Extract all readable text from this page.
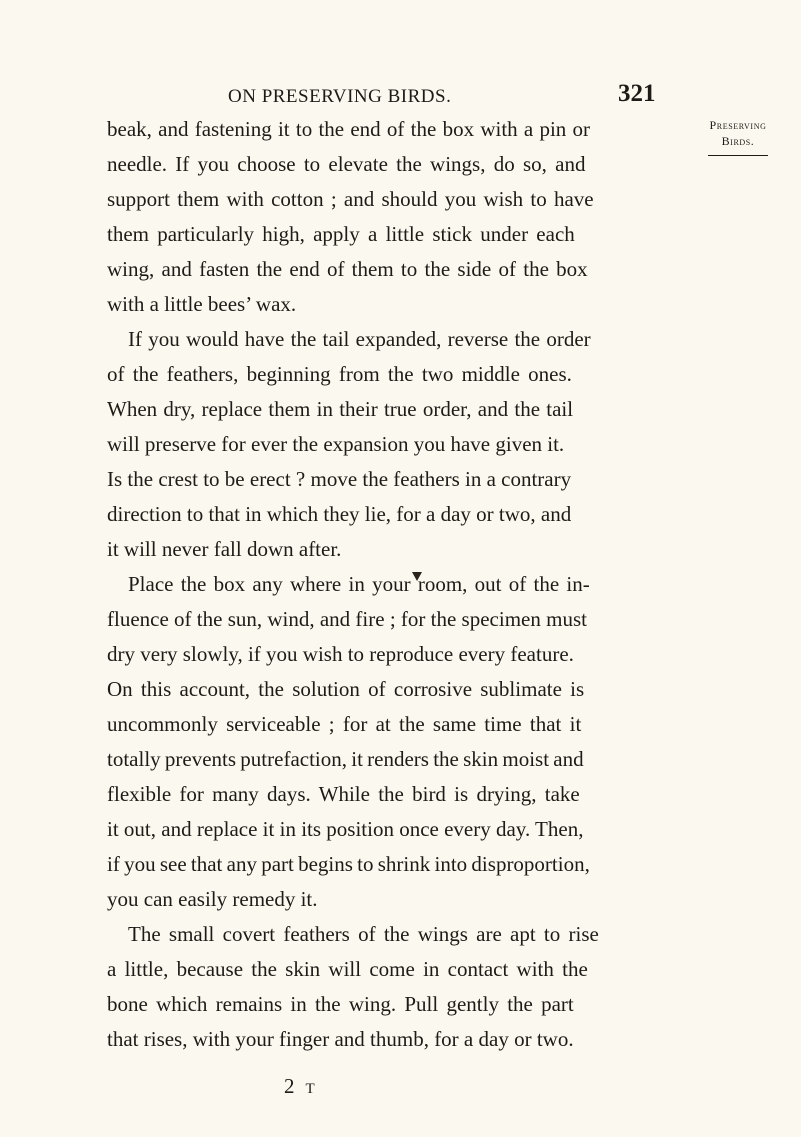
ON PRESERVING BIRDS.	321
Preserving
Birds.
beak, and fastening it to the end of the box with a pin or
needle. If you choose to elevate the wings, do so, and
support them with cotton ; and should you wish to have
them particularly high, apply a little stick under each
wing, and fasten the end of them to the side of the box
with a little bees’ wax.
If you would have the tail expanded, reverse the order
of the feathers, beginning from the two middle ones.
When dry, replace them in their true order, and the tail
will preserve for ever the expansion you have given it.
Is the crest to be erect ? move the feathers in a contrary
direction to that in which they lie, for a day or two, and
it will never fall down after.
Place the box any where in your room, out of the in-
fluence of the sun, wind, and fire ; for the specimen must
dry very slowly, if you wish to reproduce every feature.
On this account, the solution of corrosive sublimate is
uncommonly serviceable ; for at the same time that it
totally prevents putrefaction, it renders the skin moist and
flexible for many days. While the bird is drying, take
it out, and replace it in its position once every day. Then,
if you see that any part begins to shrink into disproportion,
you can easily remedy it.
The small covert feathers of the wings are apt to rise
a little, because the skin will come in contact with the
bone which remains in the wing. Pull gently the part
that rises, with your finger and thumb, for a day or two.
2 T
